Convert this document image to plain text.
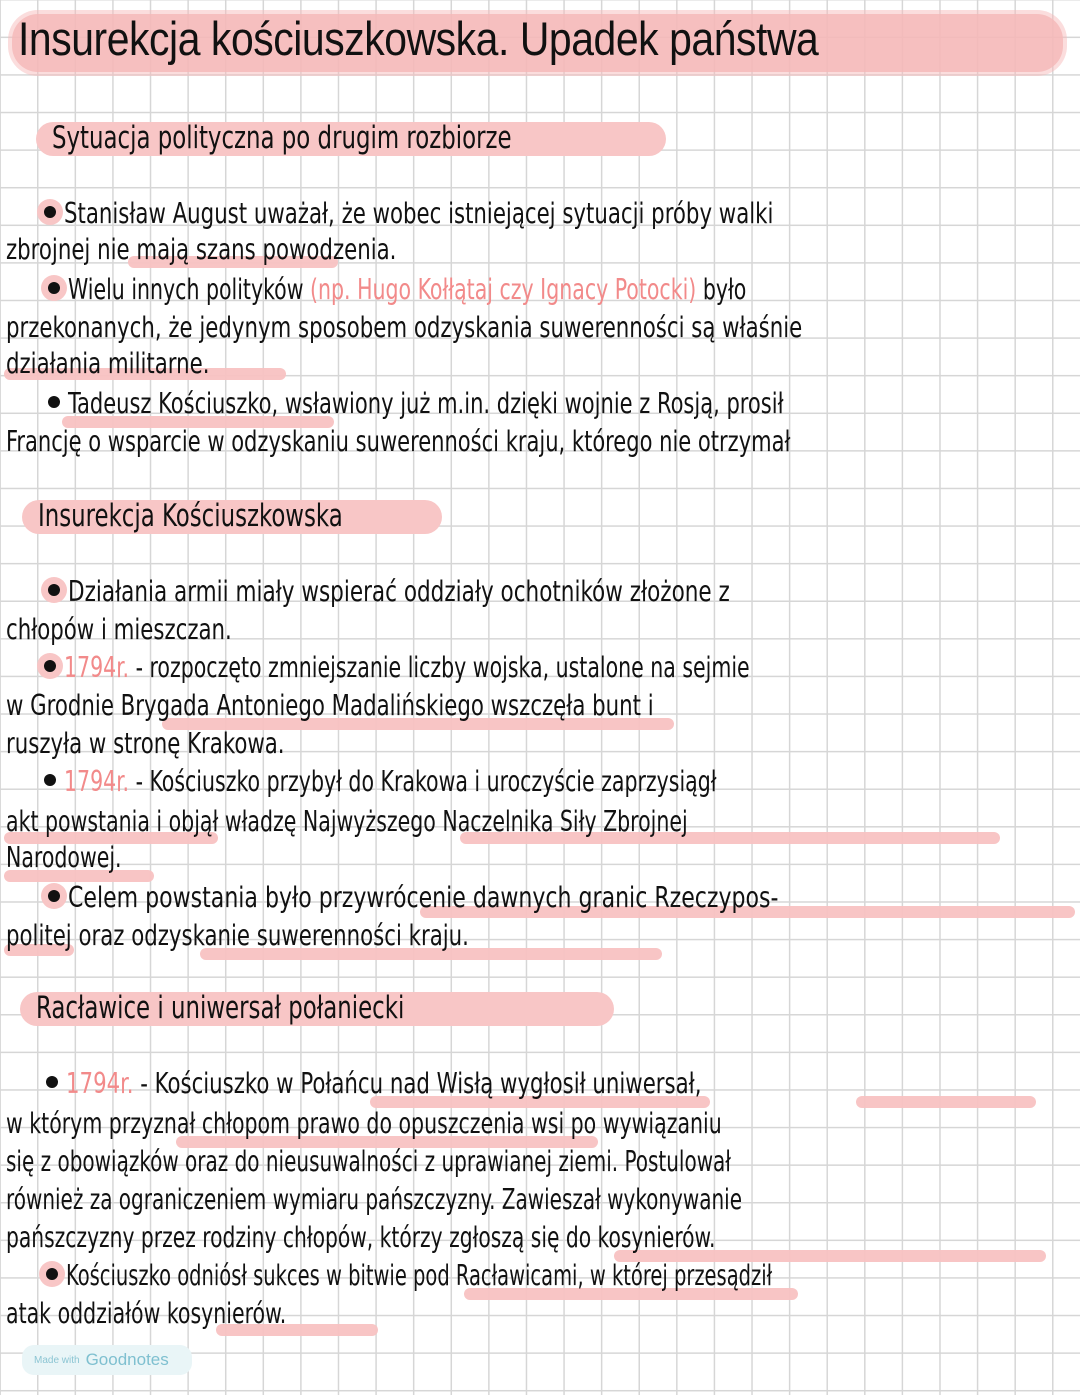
Insurekcja kościuszkowska. Upadek państwa
Sytuacja polityczna po drugim rozbiorze
Stanisław August uważał, że wobec istniejącej sytuacji próby walki
zbrojnej nie mają szans powodzenia.
Wielu innych polityków (np. Hugo Kołłątaj czy Ignacy Potocki) było
przekonanych, że jedynym sposobem odzyskania suwerenności są właśnie
działania militarne.
Tadeusz Kościuszko, wsławiony już m.in. dzięki wojnie z Rosją, prosił
Francję o wsparcie w odzyskaniu suwerenności kraju, którego nie otrzymał
Insurekcja Kościuszkowska
Działania armii miały wspierać oddziały ochotników złożone z
chłopów i mieszczan.
1794r. - rozpoczęto zmniejszanie liczby wojska, ustalone na sejmie
w Grodnie Brygada Antoniego Madalińskiego wszczęła bunt i
ruszyła w stronę Krakowa.
1794r. - Kościuszko przybył do Krakowa i uroczyście zaprzysiągł
akt powstania i objął władzę Najwyższego Naczelnika Siły Zbrojnej
Narodowej.
Celem powstania było przywrócenie dawnych granic Rzeczypos-
politej oraz odzyskanie suwerenności kraju.
Racławice i uniwersał połaniecki
1794r. - Kościuszko w Połańcu nad Wisłą wygłosił uniwersał,
w którym przyznał chłopom prawo do opuszczenia wsi po wywiązaniu
się z obowiązków oraz do nieusuwalności z uprawianej ziemi. Postulował
również za ograniczeniem wymiaru pańszczyzny. Zawieszał wykonywanie
pańszczyzny przez rodziny chłopów, którzy zgłoszą się do kosynierów.
Kościuszko odniósł sukces w bitwie pod Racławicami, w której przesądził
atak oddziałów kosynierów.
Made with Goodnotes
